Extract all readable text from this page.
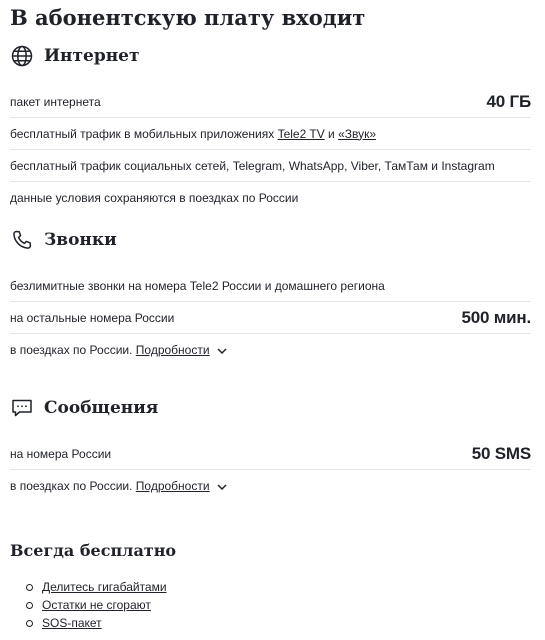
В абонентскую плату входит
Интернет
пакет интернета	40 ГБ
бесплатный трафик в мобильных приложениях Tele2 TV и «Звук»
бесплатный трафик социальных сетей, Telegram, WhatsApp, Viber, ТамТам и Instagram
данные условия сохраняются в поездках по России
Звонки
безлимитные звонки на номера Tele2 России и домашнего региона
на остальные номера России	500 мин.
в поездках по России. Подробности
Сообщения
на номера России	50 SMS
в поездках по России. Подробности
Всегда бесплатно
Делитесь гигабайтами
Остатки не сгорают
SOS-пакет
